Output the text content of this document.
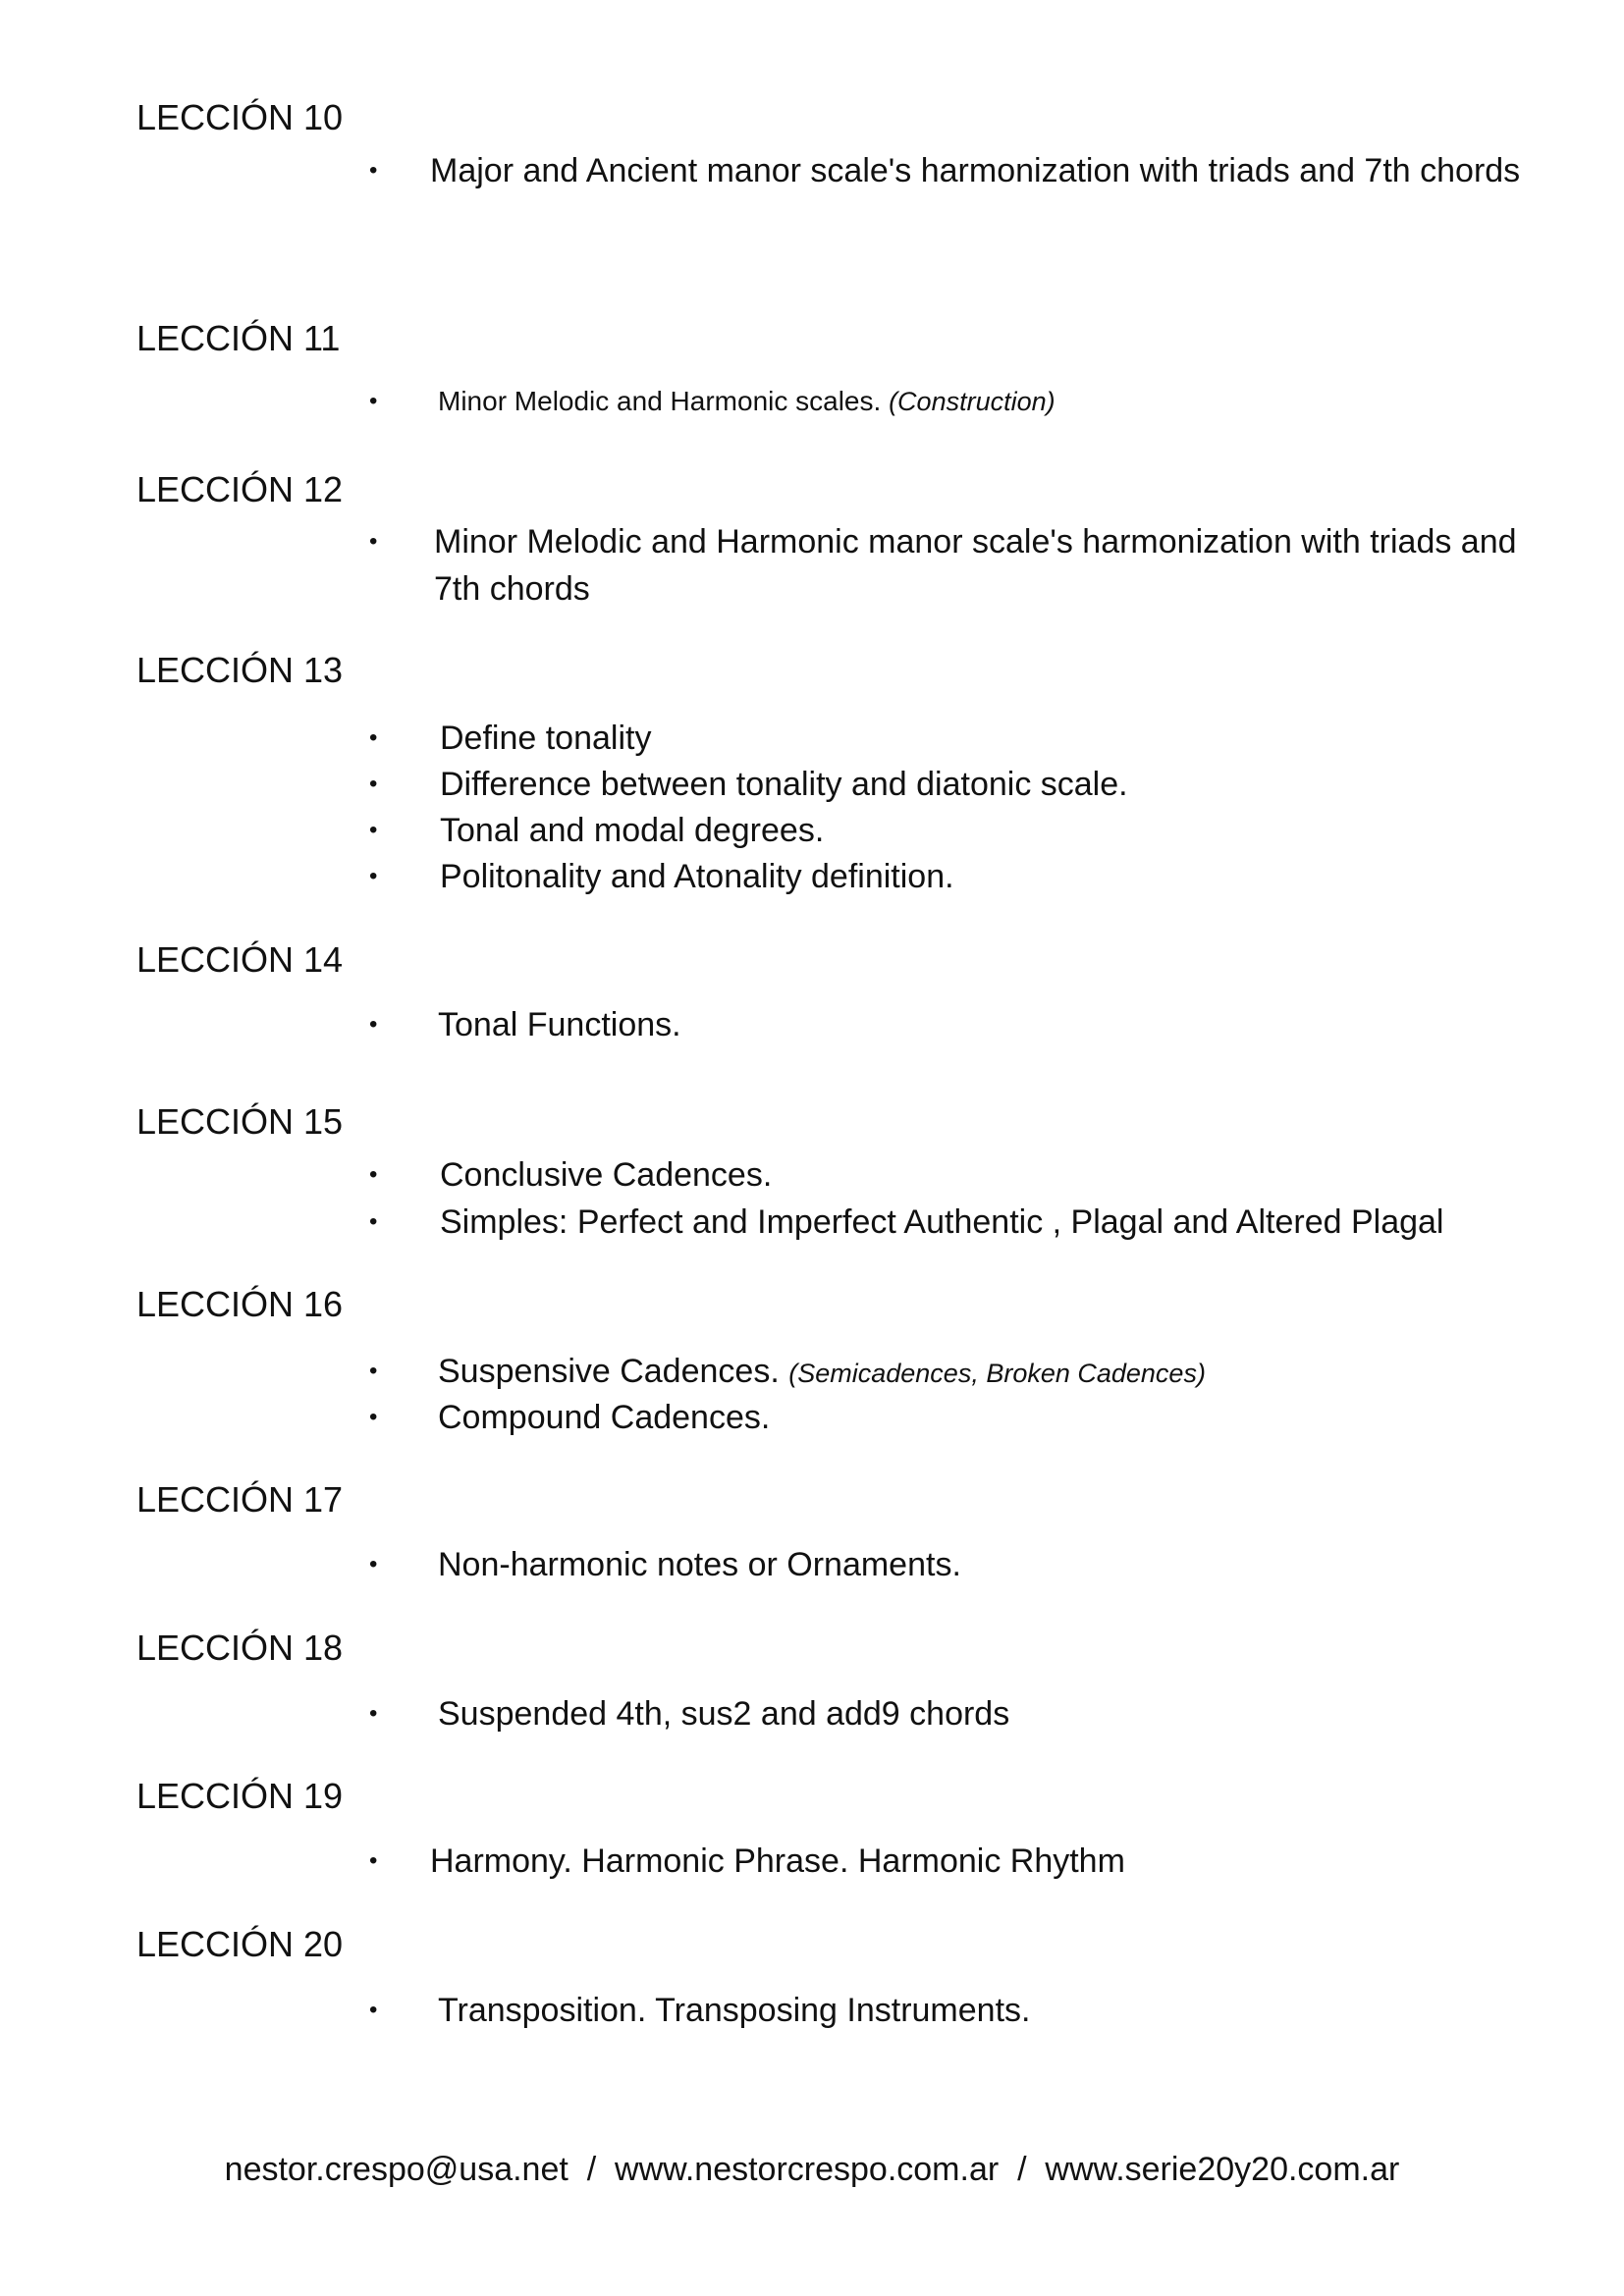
LECCIÓN 10
• Major and Ancient manor scale's harmonization with triads and 7th chords
LECCIÓN 11
• Minor Melodic and Harmonic scales. (Construction)
LECCIÓN 12
• Minor Melodic and Harmonic manor scale's harmonization with triads and 7th chords
LECCIÓN 13
• Define tonality
• Difference between tonality and diatonic scale.
• Tonal and modal degrees.
• Politonality and Atonality definition.
LECCIÓN 14
• Tonal Functions.
LECCIÓN 15
• Conclusive Cadences.
• Simples: Perfect and Imperfect Authentic , Plagal and Altered Plagal
LECCIÓN 16
• Suspensive Cadences. (Semicadences, Broken Cadences)
• Compound Cadences.
LECCIÓN 17
• Non-harmonic notes or Ornaments.
LECCIÓN 18
• Suspended 4th, sus2 and add9 chords
LECCIÓN 19
• Harmony. Harmonic Phrase. Harmonic Rhythm
LECCIÓN 20
• Transposition. Transposing Instruments.
nestor.crespo@usa.net  /  www.nestorcrespo.com.ar  /  www.serie20y20.com.ar
